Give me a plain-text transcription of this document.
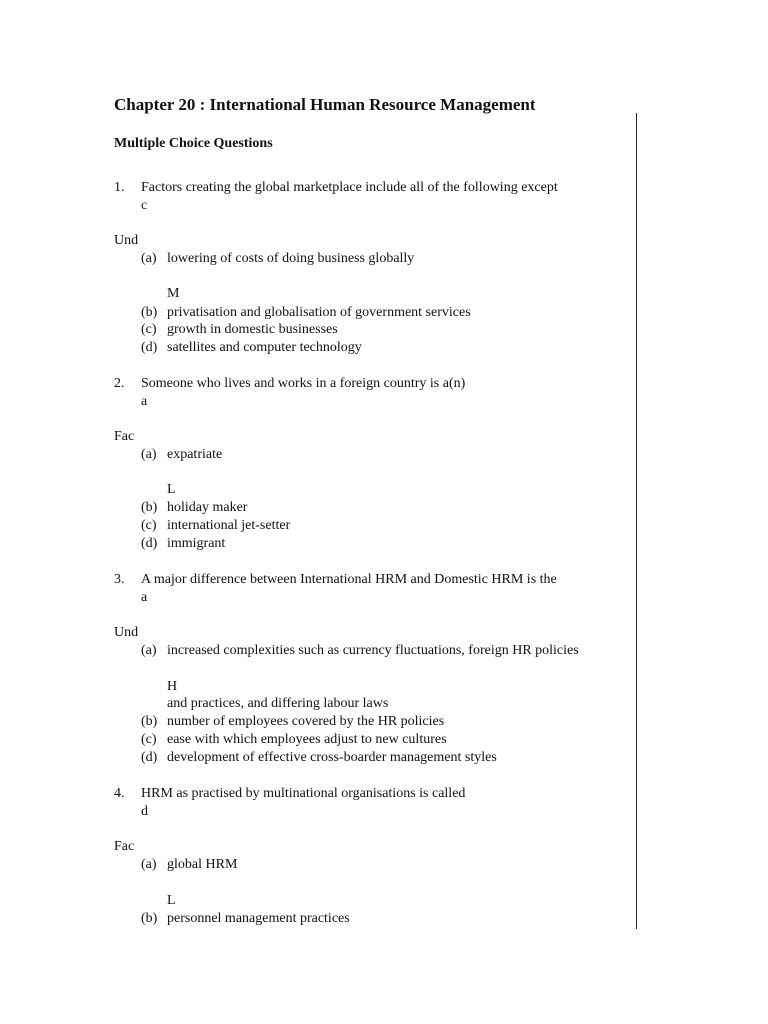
Chapter 20 : International Human Resource Management
Multiple Choice Questions
1. Factors creating the global marketplace include all of the following except
c
Und
(a) lowering of costs of doing business globally
M
(b) privatisation and globalisation of government services
(c) growth in domestic businesses
(d) satellites and computer technology
2. Someone who lives and works in a foreign country is a(n)
a
Fac
(a) expatriate
L
(b) holiday maker
(c) international jet-setter
(d) immigrant
3. A major difference between International HRM and Domestic HRM is the
a
Und
(a) increased complexities such as currency fluctuations, foreign HR policies
H
and practices, and differing labour laws
(b) number of employees covered by the HR policies
(c) ease with which employees adjust to new cultures
(d) development of effective cross-boarder management styles
4. HRM as practised by multinational organisations is called
d
Fac
(a) global HRM
L
(b) personnel management practices
